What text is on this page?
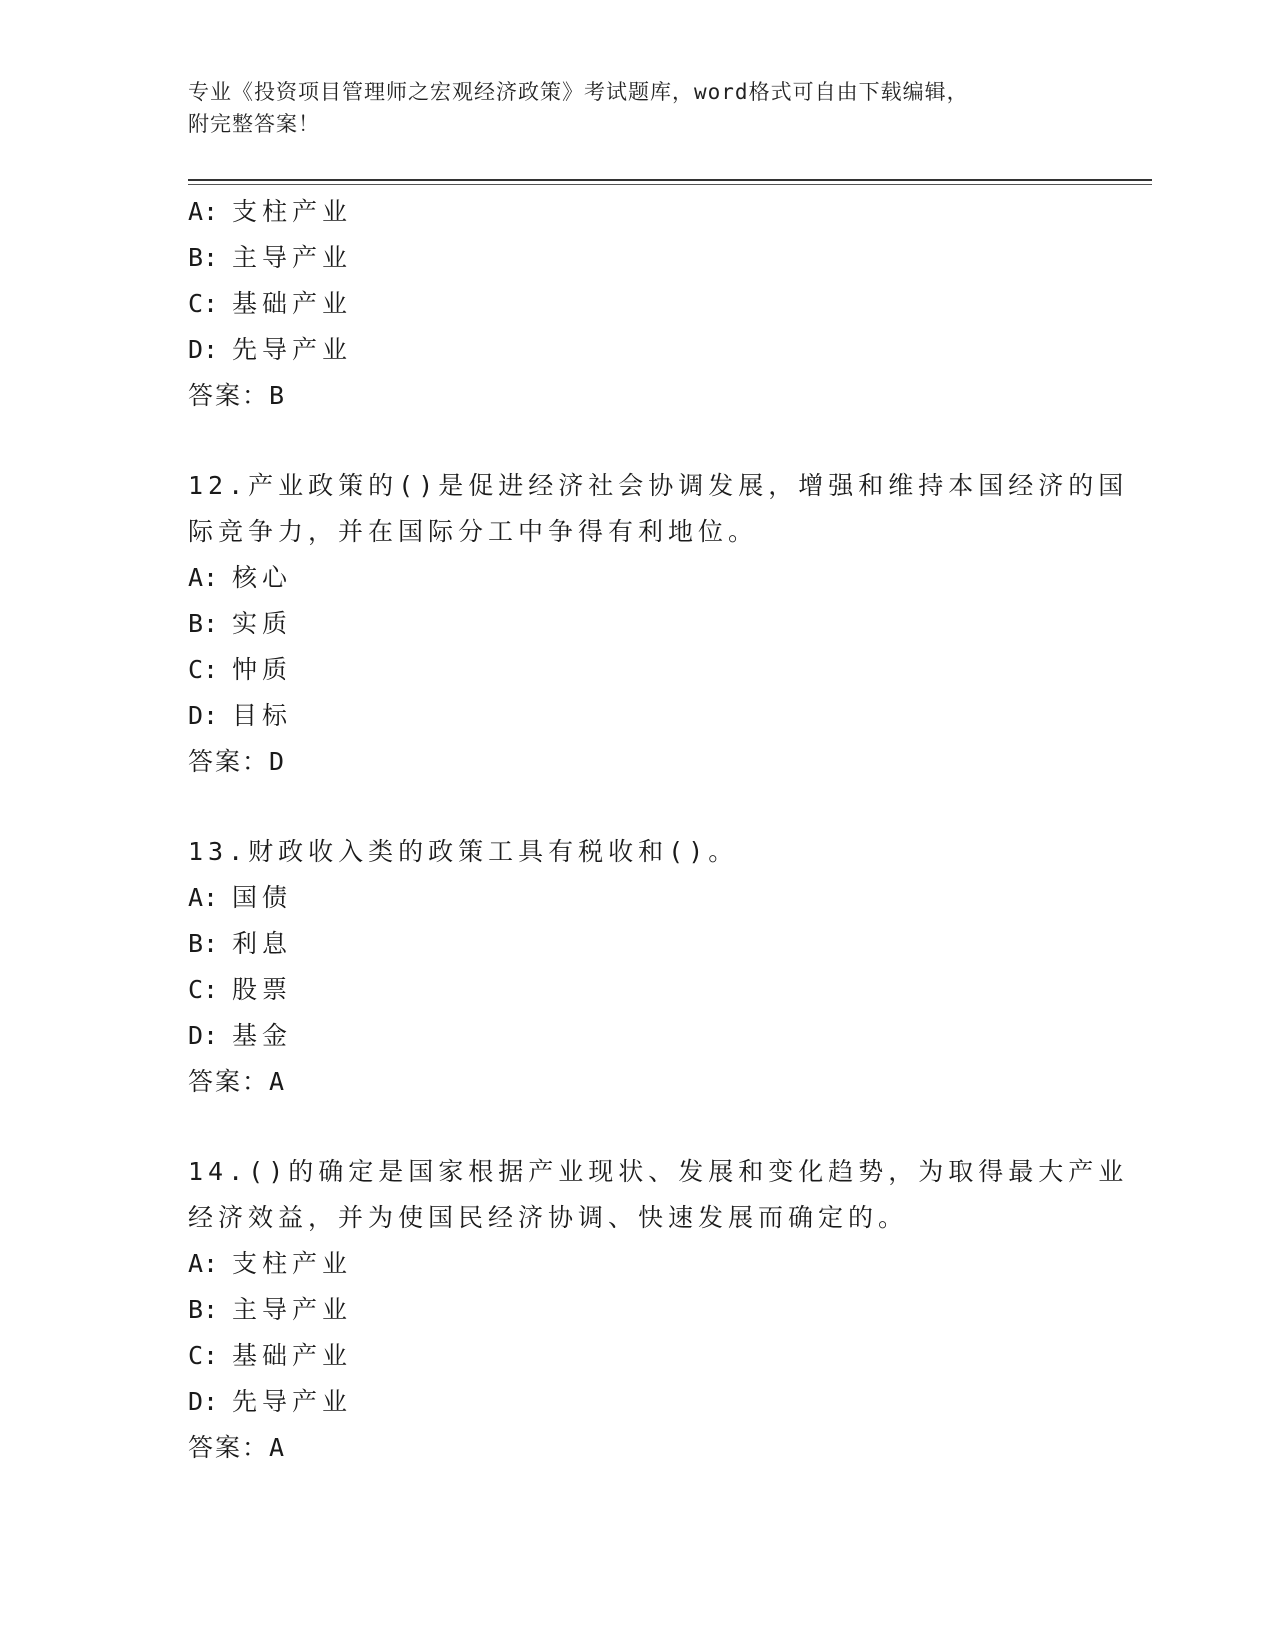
专业《投资项目管理师之宏观经济政策》考试题库，word格式可自由下载编辑，
附完整答案！
A: 支柱产业
B: 主导产业
C: 基础产业
D: 先导产业
答案：B
12.产业政策的()是促进经济社会协调发展，增强和维持本国经济的国
际竞争力，并在国际分工中争得有利地位。
A: 核心
B: 实质
C: 忡质
D: 目标
答案：D
13.财政收入类的政策工具有税收和()。
A: 国债
B: 利息
C: 股票
D: 基金
答案：A
14.()的确定是国家根据产业现状、发展和变化趋势，为取得最大产业
经济效益，并为使国民经济协调、快速发展而确定的。
A: 支柱产业
B: 主导产业
C: 基础产业
D: 先导产业
答案：A
